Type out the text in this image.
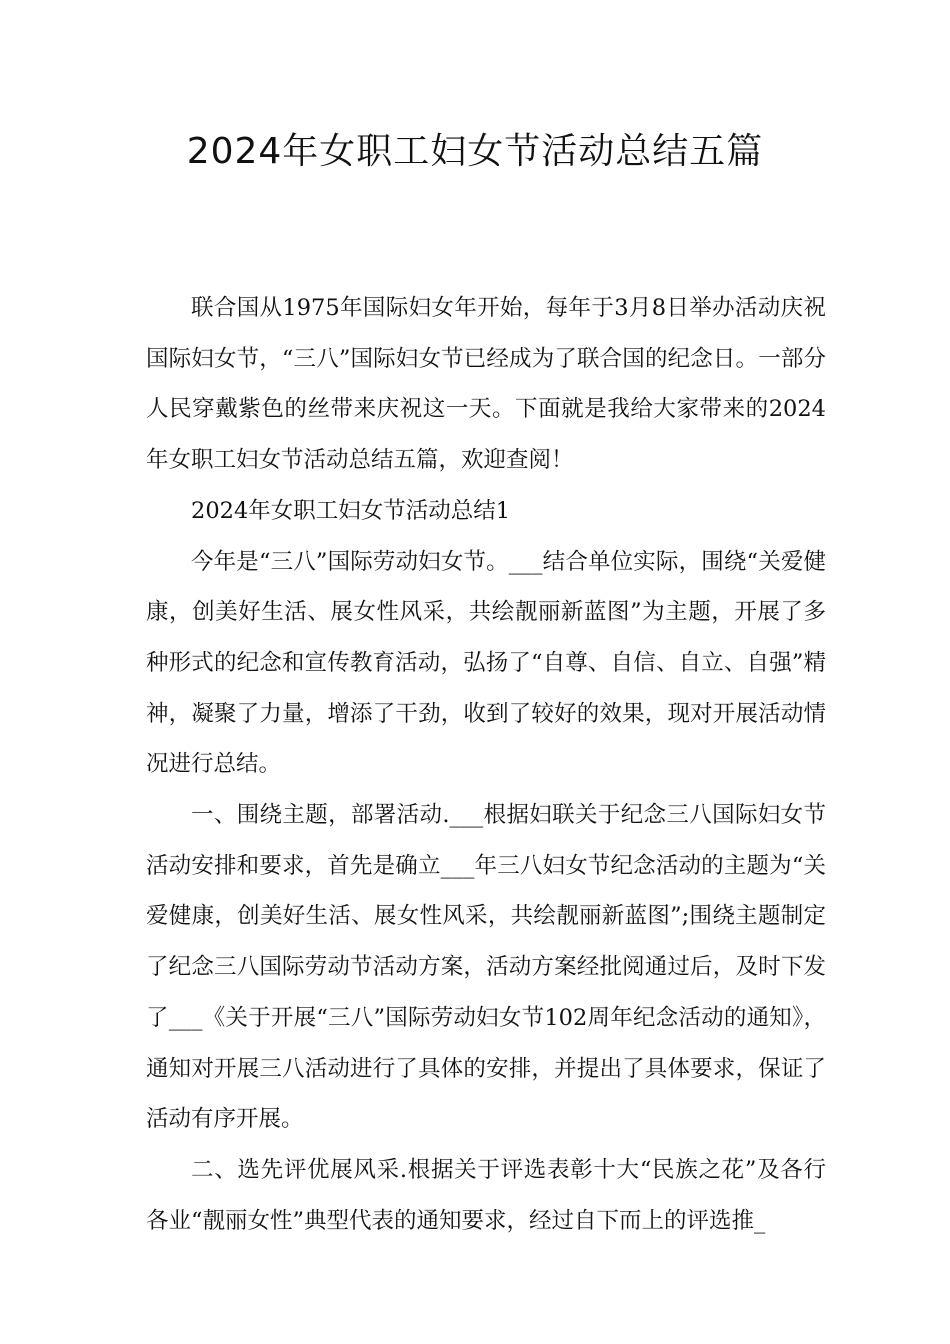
2024年女职工妇女节活动总结五篇

联合国从1975年国际妇女年开始，每年于3月8日举办活动庆祝国际妇女节，“三八”国际妇女节已经成为了联合国的纪念日。一部分人民穿戴紫色的丝带来庆祝这一天。下面就是我给大家带来的2024年女职工妇女节活动总结五篇，欢迎查阅！

2024年女职工妇女节活动总结1

今年是“三八”国际劳动妇女节。___结合单位实际，围绕“关爱健康，创美好生活、展女性风采，共绘靓丽新蓝图”为主题，开展了多种形式的纪念和宣传教育活动，弘扬了“自尊、自信、自立、自强”精神，凝聚了力量，增添了干劲，收到了较好的效果，现对开展活动情况进行总结。

一、围绕主题，部署活动.___根据妇联关于纪念三八国际妇女节活动安排和要求，首先是确立___年三八妇女节纪念活动的主题为“关爱健康，创美好生活、展女性风采，共绘靓丽新蓝图”;围绕主题制定了纪念三八国际劳动节活动方案，活动方案经批阅通过后，及时下发了___《关于开展“三八”国际劳动妇女节102周年纪念活动的通知》，通知对开展三八活动进行了具体的安排，并提出了具体要求，保证了活动有序开展。

二、选先评优展风采.根据关于评选表彰十大“民族之花”及各行各业“靓丽女性”典型代表的通知要求，经过自下而上的评选推_
